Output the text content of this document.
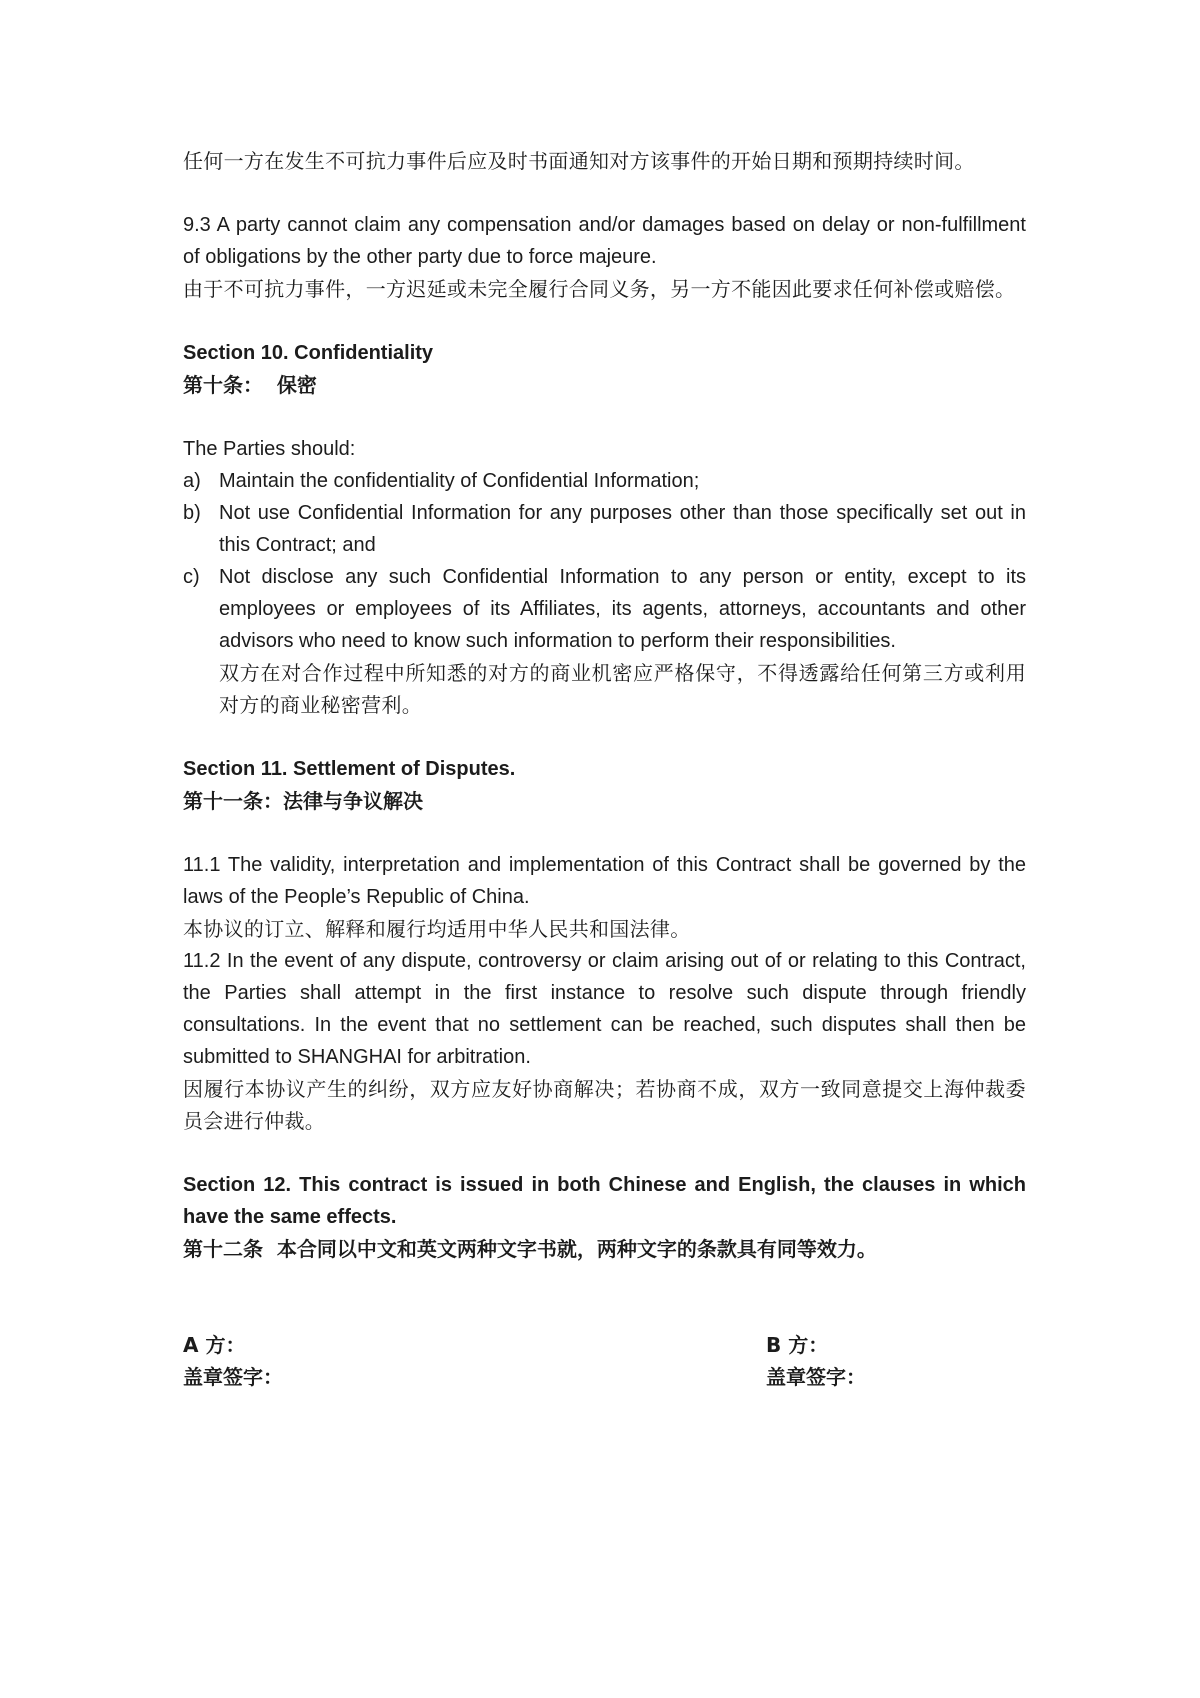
任何一方在发生不可抗力事件后应及时书面通知对方该事件的开始日期和预期持续时间。

9.3 A party cannot claim any compensation and/or damages based on delay or non-fulfillment of obligations by the other party due to force majeure.

由于不可抗力事件，一方迟延或未完全履行合同义务，另一方不能因此要求任何补偿或赔偿。

Section 10. Confidentiality

第十条：  保密

The Parties should:

a) Maintain the confidentiality of Confidential Information;
b) Not use Confidential Information for any purposes other than those specifically set out in this Contract; and
c) Not disclose any such Confidential Information to any person or entity, except to its employees or employees of its Affiliates, its agents, attorneys, accountants and other advisors who need to know such information to perform their responsibilities.
双方在对合作过程中所知悉的对方的商业机密应严格保守，不得透露给任何第三方或利用对方的商业秘密营利。

Section 11. Settlement of Disputes.

第十一条：法律与争议解决

11.1 The validity, interpretation and implementation of this Contract shall be governed by the laws of the People’s Republic of China.

本协议的订立、解释和履行均适用中华人民共和国法律。

11.2 In the event of any dispute, controversy or claim arising out of or relating to this Contract, the Parties shall attempt in the first instance to resolve such dispute through friendly consultations. In the event that no settlement can be reached, such disputes shall then be submitted to SHANGHAI for arbitration.

因履行本协议产生的纠纷，双方应友好协商解决；若协商不成，双方一致同意提交上海仲裁委员会进行仲裁。

Section 12. This contract is issued in both Chinese and English, the clauses in which have the same effects.

第十二条  本合同以中文和英文两种文字书就，两种文字的条款具有同等效力。

A 方：

盖章签字：

B 方：

盖章签字：
